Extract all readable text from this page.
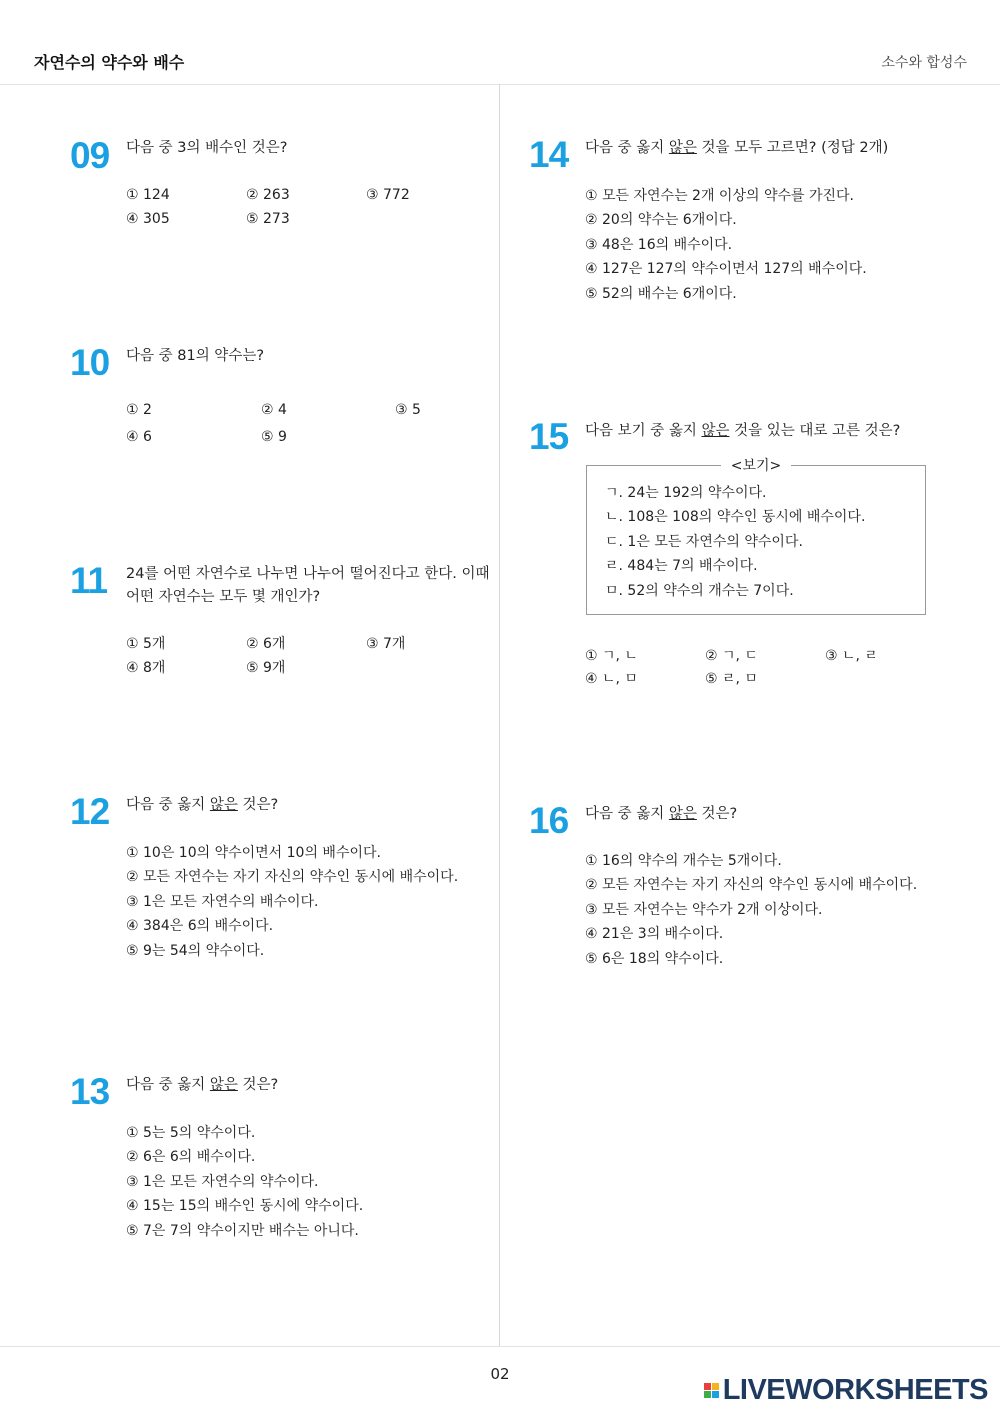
자연수의 약수와 배수	소수와 합성수
09 다음 중 3의 배수인 것은?
① 124	② 263	③ 772
④ 305	⑤ 273
10 다음 중 81의 약수는?
① 2	② 4	③ 5
④ 6	⑤ 9
11 24를 어떤 자연수로 나누면 나누어 떨어진다고 한다. 이때
어떤 자연수는 모두 몇 개인가?
① 5개	② 6개	③ 7개
④ 8개	⑤ 9개
12 다음 중 옳지 않은 것은?
① 10은 10의 약수이면서 10의 배수이다.
② 모든 자연수는 자기 자신의 약수인 동시에 배수이다.
③ 1은 모든 자연수의 배수이다.
④ 384은 6의 배수이다.
⑤ 9는 54의 약수이다.
13 다음 중 옳지 않은 것은?
① 5는 5의 약수이다.
② 6은 6의 배수이다.
③ 1은 모든 자연수의 약수이다.
④ 15는 15의 배수인 동시에 약수이다.
⑤ 7은 7의 약수이지만 배수는 아니다.
14 다음 중 옳지 않은 것을 모두 고르면? (정답 2개)
① 모든 자연수는 2개 이상의 약수를 가진다.
② 20의 약수는 6개이다.
③ 48은 16의 배수이다.
④ 127은 127의 약수이면서 127의 배수이다.
⑤ 52의 배수는 6개이다.
15 다음 보기 중 옳지 않은 것을 있는 대로 고른 것은?
<보기>
ㄱ. 24는 192의 약수이다.
ㄴ. 108은 108의 약수인 동시에 배수이다.
ㄷ. 1은 모든 자연수의 약수이다.
ㄹ. 484는 7의 배수이다.
ㅁ. 52의 약수의 개수는 7이다.
① ㄱ, ㄴ	② ㄱ, ㄷ	③ ㄴ, ㄹ
④ ㄴ, ㅁ	⑤ ㄹ, ㅁ
16 다음 중 옳지 않은 것은?
① 16의 약수의 개수는 5개이다.
② 모든 자연수는 자기 자신의 약수인 동시에 배수이다.
③ 모든 자연수는 약수가 2개 이상이다.
④ 21은 3의 배수이다.
⑤ 6은 18의 약수이다.
02	LIVEWORKSHEETS
